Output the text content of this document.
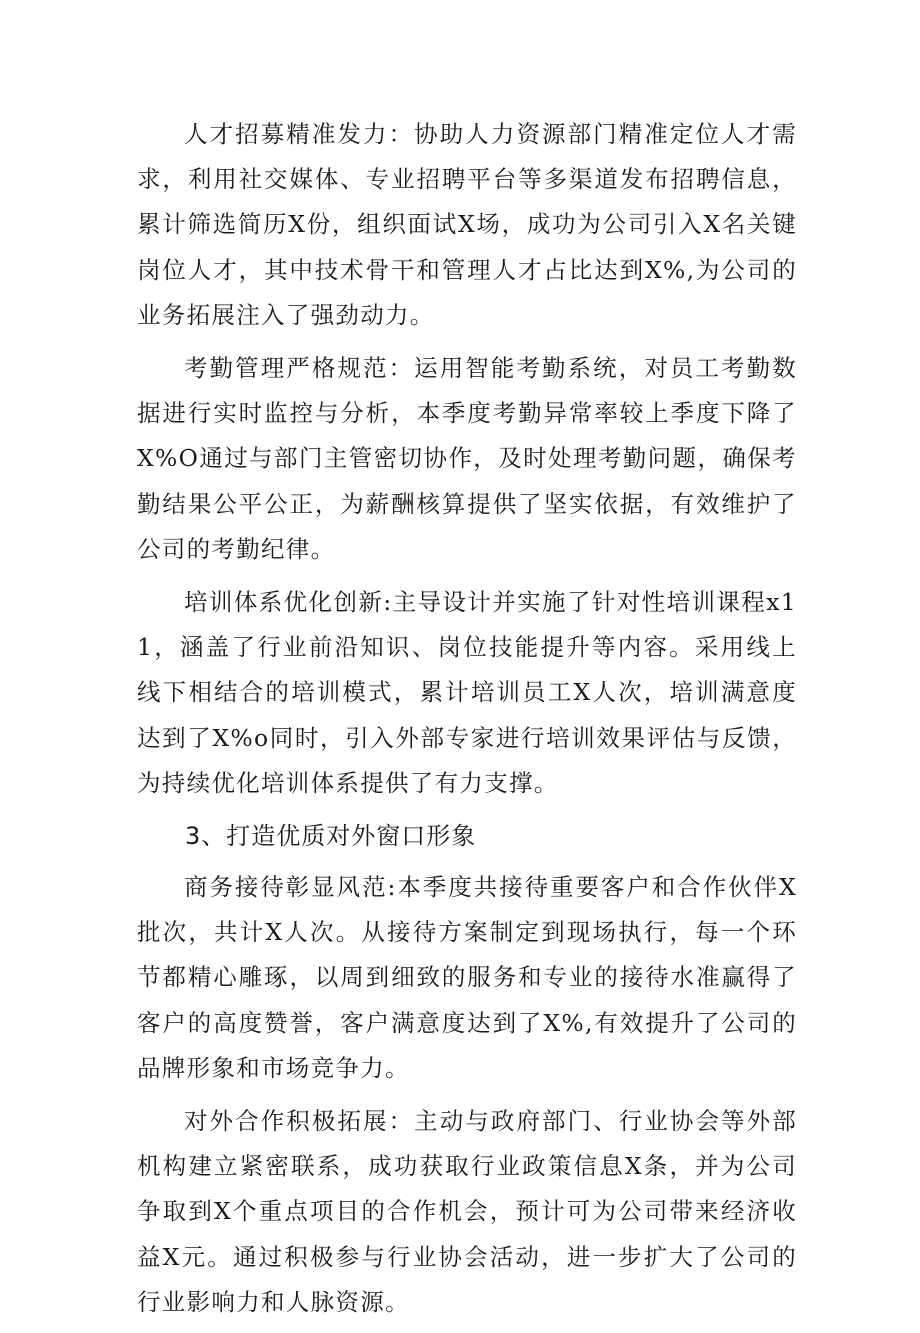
人才招募精准发力：协助人力资源部门精准定位人才需求，利用社交媒体、专业招聘平台等多渠道发布招聘信息，累计筛选简历X份，组织面试X场，成功为公司引入X名关键岗位人才，其中技术骨干和管理人才占比达到X%,为公司的业务拓展注入了强劲动力。

考勤管理严格规范：运用智能考勤系统，对员工考勤数据进行实时监控与分析，本季度考勤异常率较上季度下降了X%O通过与部门主管密切协作，及时处理考勤问题，确保考勤结果公平公正，为薪酬核算提供了坚实依据，有效维护了公司的考勤纪律。

培训体系优化创新:主导设计并实施了针对性培训课程x11，涵盖了行业前沿知识、岗位技能提升等内容。采用线上线下相结合的培训模式，累计培训员工X人次，培训满意度达到了X%o同时，引入外部专家进行培训效果评估与反馈，为持续优化培训体系提供了有力支撑。

3、打造优质对外窗口形象

商务接待彰显风范:本季度共接待重要客户和合作伙伴X批次，共计X人次。从接待方案制定到现场执行，每一个环节都精心雕琢，以周到细致的服务和专业的接待水准赢得了客户的高度赞誉，客户满意度达到了X%,有效提升了公司的品牌形象和市场竞争力。

对外合作积极拓展：主动与政府部门、行业协会等外部机构建立紧密联系，成功获取行业政策信息X条，并为公司争取到X个重点项目的合作机会，预计可为公司带来经济收益X元。通过积极参与行业协会活动，进一步扩大了公司的行业影响力和人脉资源。
